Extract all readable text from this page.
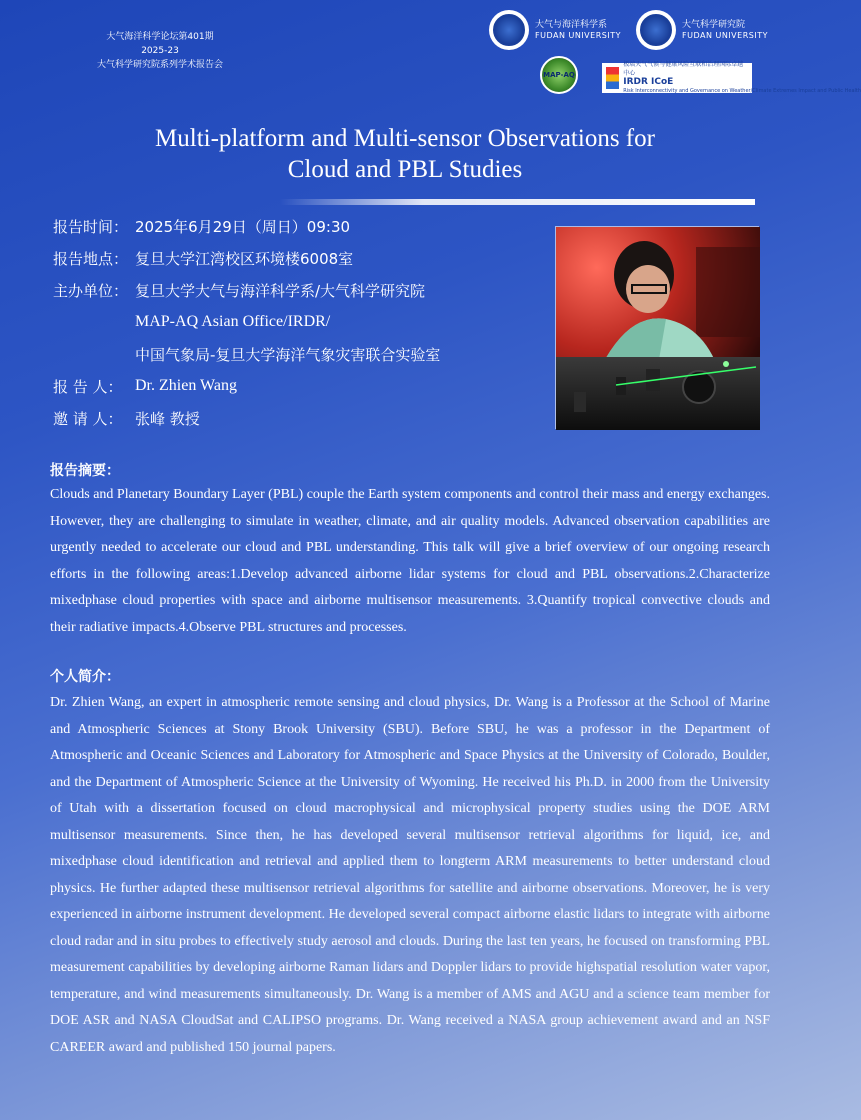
大气海洋科学论坛第401期
2025-23
大气科学研究院系列学术报告会
大气与海洋科学系
FUDAN UNIVERSITY
大气科学研究院
FUDAN UNIVERSITY
MAP-AQ
极端天气气候与健康风险互联和治理国际卓越中心
IRDR ICoE
Risk Interconnectivity and Governance on Weather/Climate Extremes Impact and Public Health
Multi-platform and Multi-sensor Observations for
Cloud and PBL Studies
报告时间： 2025年6月29日（周日）09:30
报告地点： 复旦大学江湾校区环境楼6008室
主办单位： 复旦大学大气与海洋科学系/大气科学研究院
MAP-AQ Asian Office/IRDR/
中国气象局-复旦大学海洋气象灾害联合实验室
报 告 人： Dr. Zhien Wang
邀 请 人： 张峰 教授
报告摘要：
Clouds and Planetary Boundary Layer (PBL) couple the Earth system components and control their mass and energy exchanges. However, they are challenging to simulate in weather, climate, and air quality models. Advanced observation capabilities are urgently needed to accelerate our cloud and PBL understanding. This talk will give a brief overview of our ongoing research efforts in the following areas:1.Develop advanced airborne lidar systems for cloud and PBL observations.2.Characterize mixedphase cloud properties with space and airborne multisensor measurements. 3.Quantify tropical convective clouds and their radiative impacts.4.Observe PBL structures and processes.
个人简介：
Dr. Zhien Wang, an expert in atmospheric remote sensing and cloud physics, Dr. Wang is a Professor at the School of Marine and Atmospheric Sciences at Stony Brook University (SBU). Before SBU, he was a professor in the Department of Atmospheric and Oceanic Sciences and Laboratory for Atmospheric and Space Physics at the University of Colorado, Boulder, and the Department of Atmospheric Science at the University of Wyoming. He received his Ph.D. in 2000 from the University of Utah with a dissertation focused on cloud macrophysical and microphysical property studies using the DOE ARM multisensor measurements. Since then, he has developed several multisensor retrieval algorithms for liquid, ice, and mixedphase cloud identification and retrieval and applied them to longterm ARM measurements to better understand cloud physics. He further adapted these multisensor retrieval algorithms for satellite and airborne observations. Moreover, he is very experienced in airborne instrument development. He developed several compact airborne elastic lidars to integrate with airborne cloud radar and in situ probes to effectively study aerosol and clouds. During the last ten years, he focused on transforming PBL measurement capabilities by developing airborne Raman lidars and Doppler lidars to provide highspatial resolution water vapor, temperature, and wind measurements simultaneously. Dr. Wang is a member of AMS and AGU and a science team member for DOE ASR and NASA CloudSat and CALIPSO programs. Dr. Wang received a NASA group achievement award and an NSF CAREER award and published 150 journal papers.
